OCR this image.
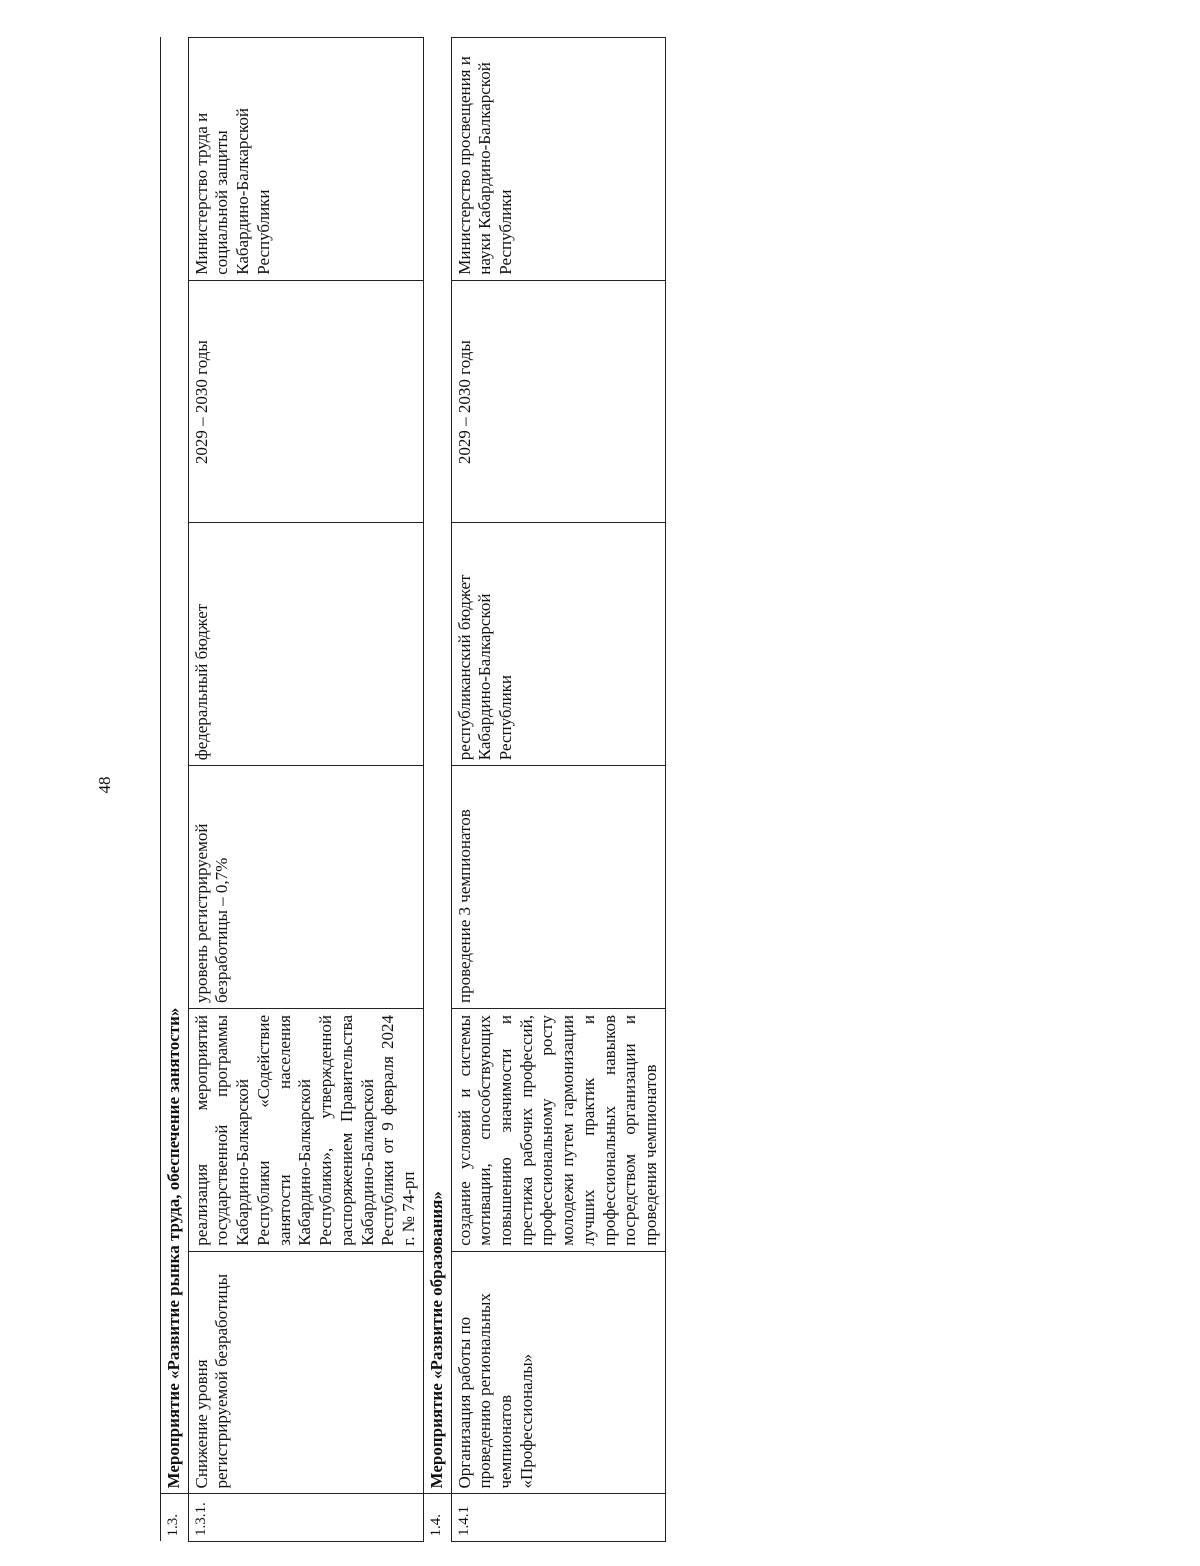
48
1.3.	Мероприятие «Развитие рынка труда, обеспечение занятости»					
1.3.1.	Снижение уровня регистрируемой безработицы	реализация мероприятий государственной программы Кабардино-Балкарской Республики «Содействие занятости населения Кабардино-Балкарской Республики», утвержденной распоряжением Правительства Кабардино-Балкарской Республики от 9 февраля 2024 г. № 74-рп	уровень регистрируемой безработицы – 0,7%	федеральный бюджет	2029 – 2030 годы	Министерство труда и социальной защиты Кабардино-Балкарской Республики
1.4.	Мероприятие «Развитие образования»					
1.4.1	Организация работы по проведению региональных чемпионатов «Профессионалы»	создание условий и системы мотивации, способствующих повышению значимости и престижа рабочих профессий, профессиональному росту молодежи путем гармонизации лучших практик и профессиональных навыков посредством организации и проведения чемпионатов	проведение 3 чемпионатов	республиканский бюджет Кабардино-Балкарской Республики	2029 – 2030 годы	Министерство просвещения и науки Кабардино-Балкарской Республики
